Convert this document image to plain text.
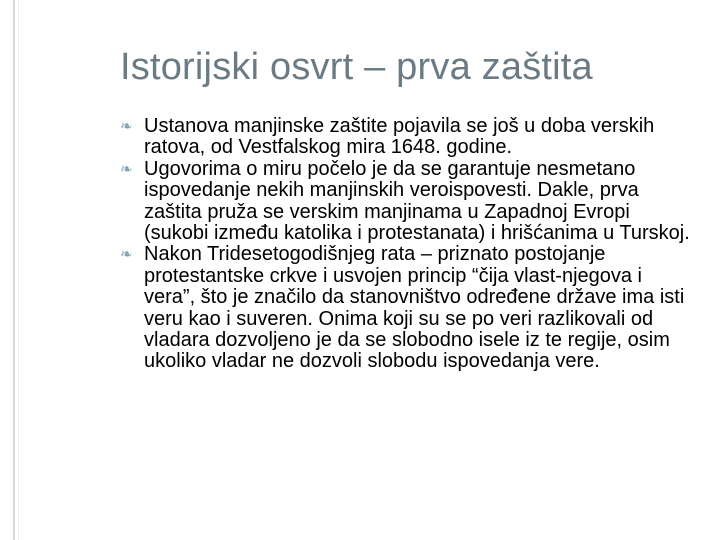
Istorijski osvrt – prva zaštita

❧ Ustanova manjinske zaštite pojavila se još u doba verskih ratova, od Vestfalskog mira 1648. godine.

❧ Ugovorima o miru počelo je da se garantuje nesmetano ispovedanje nekih manjinskih veroispovesti. Dakle, prva zaštita pruža se verskim manjinama u Zapadnoj Evropi (sukobi između katolika i protestanata) i hrišćanima u Turskoj.

❧ Nakon Tridesetogodišnjeg rata – priznato postojanje protestantske crkve i usvojen princip “čija vlast-njegova i vera”, što je značilo da stanovništvo određene države ima isti veru kao i suveren. Onima koji su se po veri razlikovali od vladara dozvoljeno je da se slobodno isele iz te regije, osim ukoliko vladar ne dozvoli slobodu ispovedanja vere.
